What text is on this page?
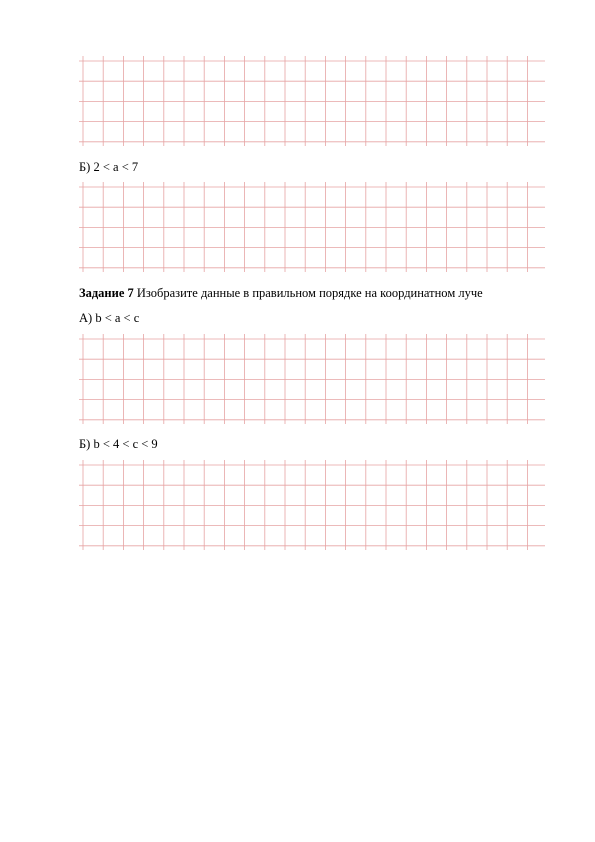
Б) 2 < a < 7
Задание 7 Изобразите данные в правильном порядке на координатном луче
А) b < a < c
Б) b < 4 < c < 9
